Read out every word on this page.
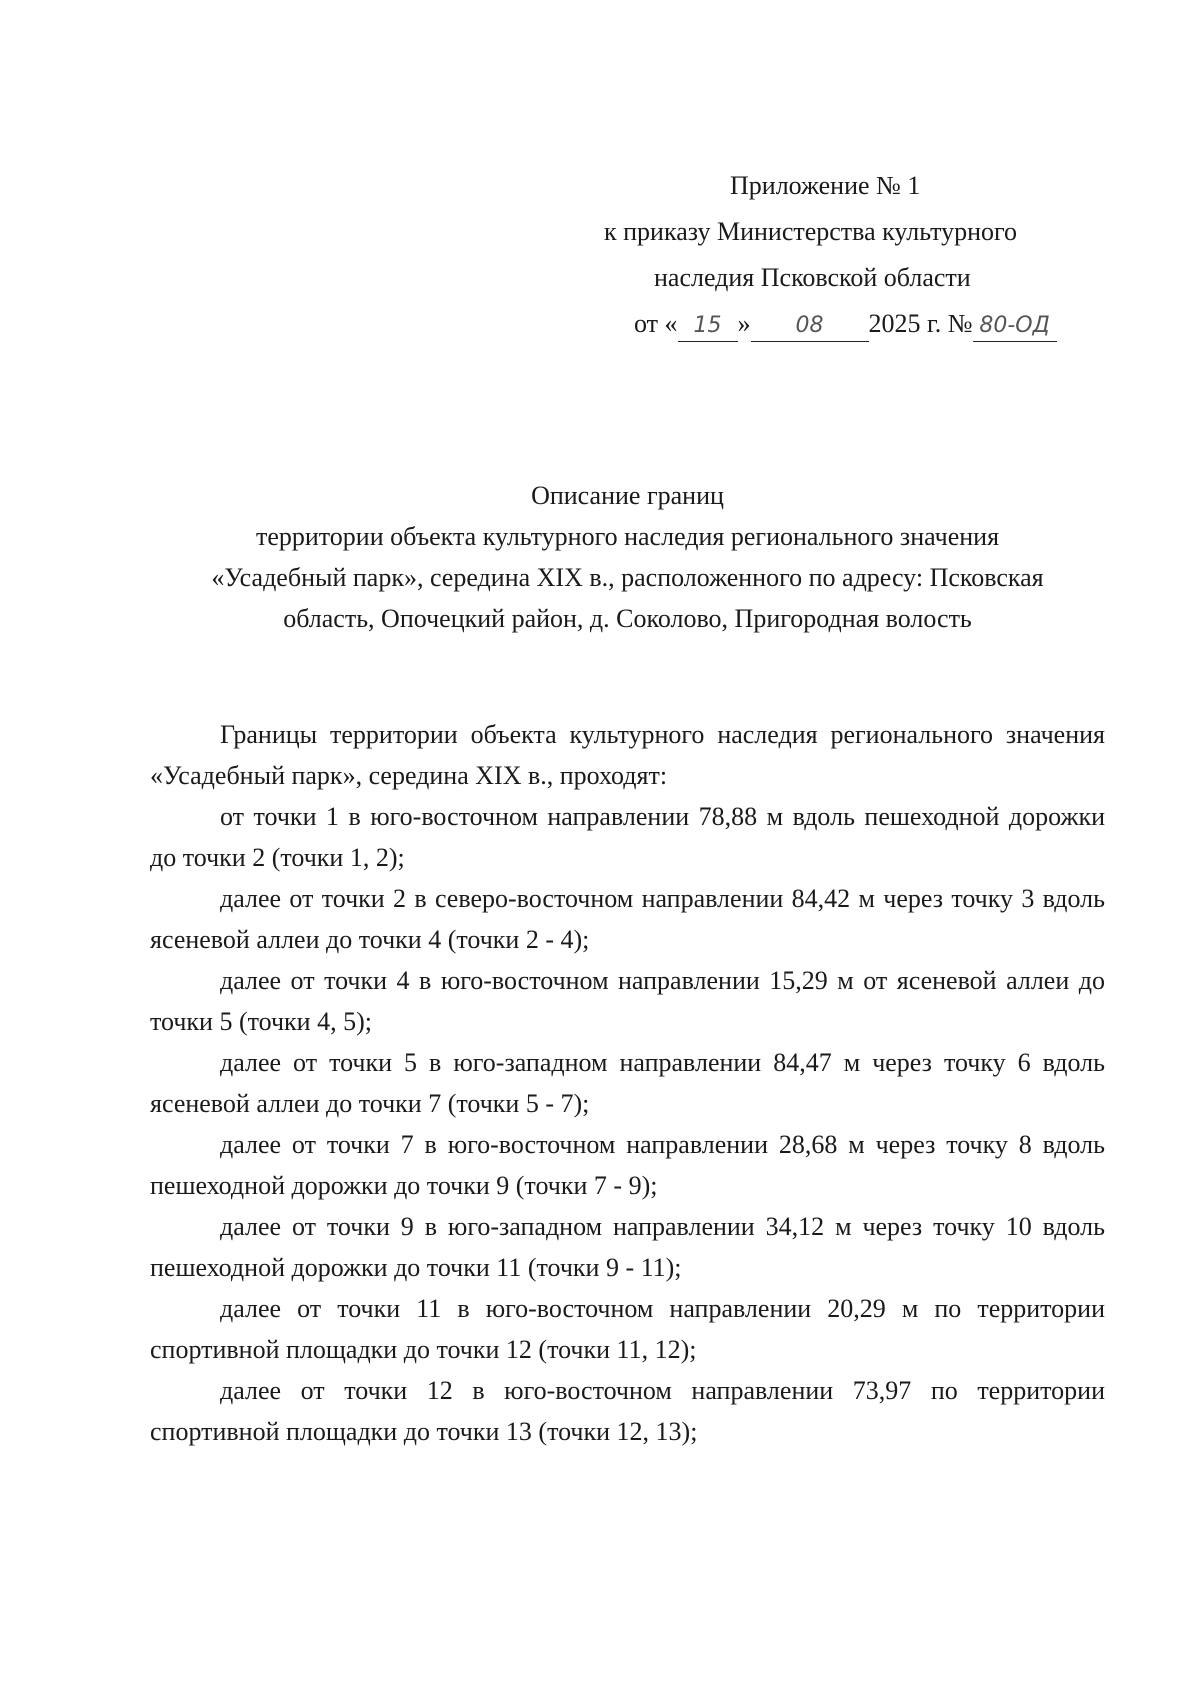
Приложение № 1
к приказу Министерства культурного
наследия Псковской области
от « 15 » 08 2025 г. № 80-ОД
Описание границ
территории объекта культурного наследия регионального значения
«Усадебный парк», середина XIX в., расположенного по адресу: Псковская
область, Опочецкий район, д. Соколово, Пригородная волость

Границы территории объекта культурного наследия регионального значения «Усадебный парк», середина XIX в., проходят:

от точки 1 в юго-восточном направлении 78,88 м вдоль пешеходной дорожки до точки 2 (точки 1, 2);

далее от точки 2 в северо-восточном направлении 84,42 м через точку 3 вдоль ясеневой аллеи до точки 4 (точки 2 - 4);

далее от точки 4 в юго-восточном направлении 15,29 м от ясеневой аллеи до точки 5 (точки 4, 5);

далее от точки 5 в юго-западном направлении 84,47 м через точку 6 вдоль ясеневой аллеи до точки 7 (точки 5 - 7);

далее от точки 7 в юго-восточном направлении 28,68 м через точку 8 вдоль пешеходной дорожки до точки 9 (точки 7 - 9);

далее от точки 9 в юго-западном направлении 34,12 м через точку 10 вдоль пешеходной дорожки до точки 11 (точки 9 - 11);

далее от точки 11 в юго-восточном направлении 20,29 м по территории спортивной площадки до точки 12 (точки 11, 12);

далее от точки 12 в юго-восточном направлении 73,97 по территории спортивной площадки до точки 13 (точки 12, 13);
